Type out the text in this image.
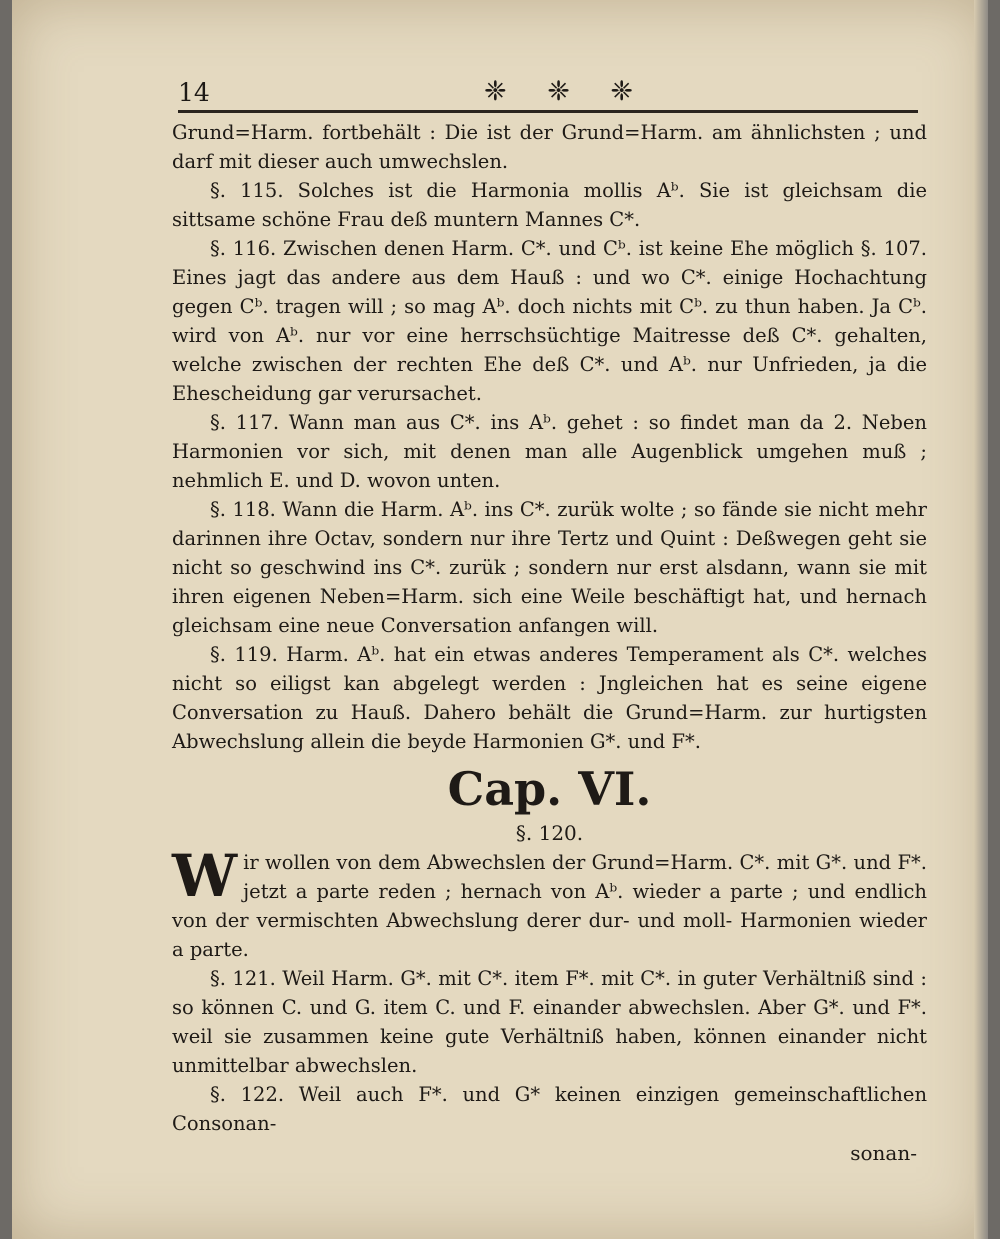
14	❈ ❈ ❈

Grund=Harm. fortbehält : Die ist der Grund=Harm. am ähnlichsten ; und darf mit dieser auch umwechslen.

§. 115. Solches ist die Harmonia mollis Aᵇ. Sie ist gleichsam die sittsame schöne Frau deß muntern Mannes C*.

§. 116. Zwischen denen Harm. C*. und Cᵇ. ist keine Ehe möglich §. 107. Eines jagt das andere aus dem Hauß : und wo C*. einige Hochachtung gegen Cᵇ. tragen will ; so mag Aᵇ. doch nichts mit Cᵇ. zu thun haben. Ja Cᵇ. wird von Aᵇ. nur vor eine herrschsüchtige Maitresse deß C*. gehalten, welche zwischen der rechten Ehe deß C*. und Aᵇ. nur Unfrieden, ja die Ehescheidung gar verursachet.

§. 117. Wann man aus C*. ins Aᵇ. gehet : so findet man da 2. Neben Harmonien vor sich, mit denen man alle Augenblick umgehen muß ; nehmlich E. und D. wovon unten.

§. 118. Wann die Harm. Aᵇ. ins C*. zurük wolte ; so fände sie nicht mehr darinnen ihre Octav, sondern nur ihre Tertz und Quint : Deßwegen geht sie nicht so geschwind ins C*. zurük ; sondern nur erst alsdann, wann sie mit ihren eigenen Neben=Harm. sich eine Weile beschäftigt hat, und hernach gleichsam eine neue Conversation anfangen will.

§. 119. Harm. Aᵇ. hat ein etwas anderes Temperament als C*. welches nicht so eiligst kan abgelegt werden : Jngleichen hat es seine eigene Conversation zu Hauß. Dahero behält die Grund=Harm. zur hurtigsten Abwechslung allein die beyde Harmonien G*. und F*.

Cap. VI.

§. 120.

Wir wollen von dem Abwechslen der Grund=Harm. C*. mit G*. und F*. jetzt a parte reden ; hernach von Aᵇ. wieder a parte ; und endlich von der vermischten Abwechslung derer dur- und moll- Harmonien wieder a parte.

§. 121. Weil Harm. G*. mit C*. item F*. mit C*. in guter Verhältniß sind : so können C. und G. item C. und F. einander abwechslen. Aber G*. und F*. weil sie zusammen keine gute Verhältniß haben, können einander nicht unmittelbar abwechslen.

§. 122. Weil auch F*. und G* keinen einzigen gemeinschaftlichen Consonan-

sonan-
